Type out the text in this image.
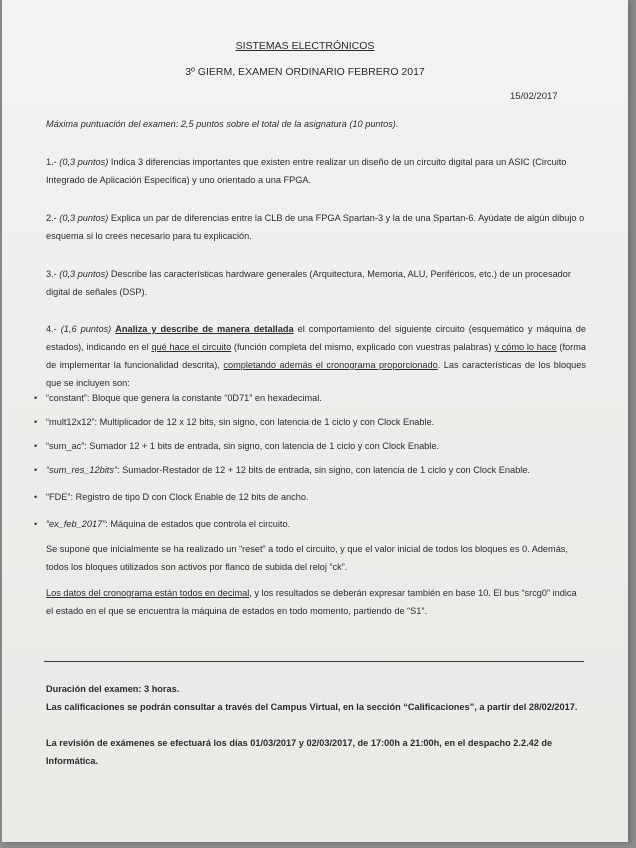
SISTEMAS ELECTRÓNICOS
3º GIERM, EXAMEN ORDINARIO FEBRERO 2017
15/02/2017
Máxima puntuación del examen: 2,5 puntos sobre el total de la asignatura (10 puntos).
1.- (0,3 puntos) Indica 3 diferencias importantes que existen entre realizar un diseño de un circuito digital para un ASIC (Circuito Integrado de Aplicación Específica) y uno orientado a una FPGA.
2.- (0,3 puntos) Explica un par de diferencias entre la CLB de una FPGA Spartan-3 y la de una Spartan-6. Ayúdate de algún dibujo o esquema si lo crees necesario para tu explicación.
3.- (0,3 puntos) Describe las características hardware generales (Arquitectura, Memoria, ALU, Periféricos, etc.) de un procesador digital de señales (DSP).
4.- (1,6 puntos) Analiza y describe de manera detallada el comportamiento del siguiente circuito (esquemático y máquina de estados), indicando en el qué hace el circuito (función completa del mismo, explicado con vuestras palabras) y cómo lo hace (forma de implementar la funcionalidad descrita), completando además el cronograma proporcionado. Las características de los bloques que se incluyen son:
• “constant”: Bloque que genera la constante “0D71” en hexadecimal.
• “mult12x12”: Multiplicador de 12 x 12 bits, sin signo, con latencia de 1 ciclo y con Clock Enable.
• “sum_ac”: Sumador 12 + 1 bits de entrada, sin signo, con latencia de 1 ciclo y con Clock Enable.
• “sum_res_12bits”: Sumador-Restador de 12 + 12 bits de entrada, sin signo, con latencia de 1 ciclo y con Clock Enable.
• “FDE”: Registro de tipo D con Clock Enable de 12 bits de ancho.
• “ex_feb_2017”: Máquina de estados que controla el circuito.
Se supone que inicialmente se ha realizado un “reset” a todo el circuito, y que el valor inicial de todos los bloques es 0. Además, todos los bloques utilizados son activos por flanco de subida del reloj “ck”.
Los datos del cronograma están todos en decimal, y los resultados se deberán expresar también en base 10. El bus “srcg0” indica el estado en el que se encuentra la máquina de estados en todo momento, partiendo de “S1”.
Duración del examen: 3 horas.
Las calificaciones se podrán consultar a través del Campus Virtual, en la sección “Calificaciones”, a partir del 28/02/2017.
La revisión de exámenes se efectuará los días 01/03/2017 y 02/03/2017, de 17:00h a 21:00h, en el despacho 2.2.42 de Informática.
